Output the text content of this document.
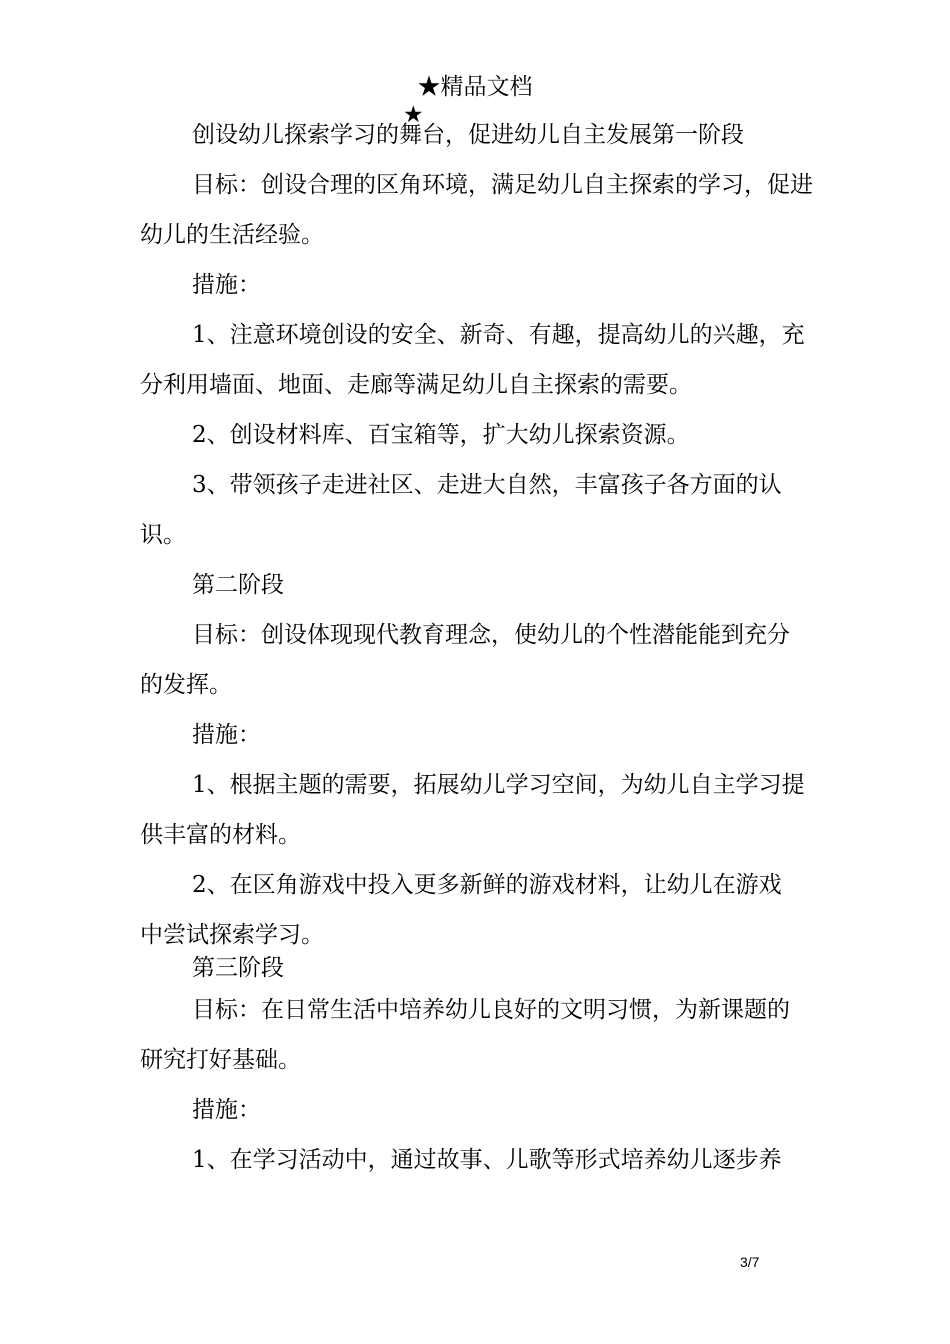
★精品文档
★
创设幼儿探索学习的舞台，促进幼儿自主发展第一阶段
目标：创设合理的区角环境，满足幼儿自主探索的学习，促进
幼儿的生活经验。
措施：
1、注意环境创设的安全、新奇、有趣，提高幼儿的兴趣，充
分利用墙面、地面、走廊等满足幼儿自主探索的需要。
2、创设材料库、百宝箱等，扩大幼儿探索资源。
3、带领孩子走进社区、走进大自然，丰富孩子各方面的认
识。
第二阶段
目标：创设体现现代教育理念，使幼儿的个性潜能能到充分
的发挥。
措施：
1、根据主题的需要，拓展幼儿学习空间，为幼儿自主学习提
供丰富的材料。
2、在区角游戏中投入更多新鲜的游戏材料，让幼儿在游戏
中尝试探索学习。
第三阶段
目标：在日常生活中培养幼儿良好的文明习惯，为新课题的
研究打好基础。
措施：
1、在学习活动中，通过故事、儿歌等形式培养幼儿逐步养
3/7
